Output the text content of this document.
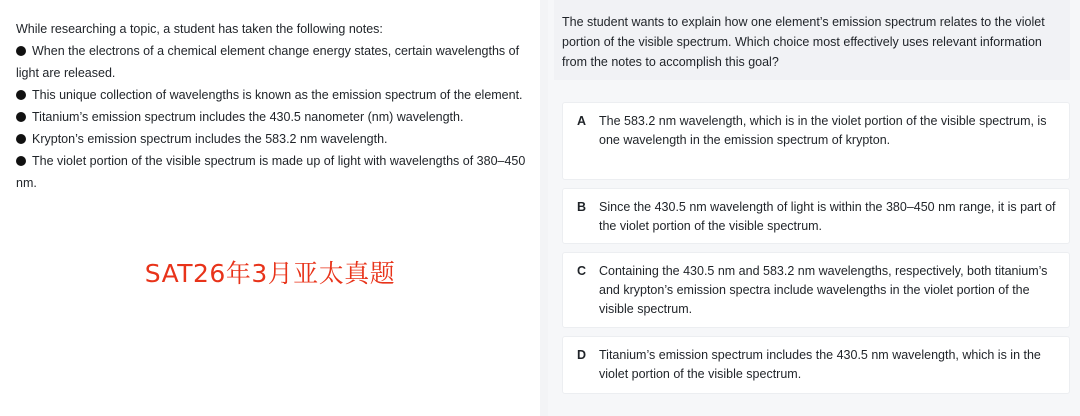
While researching a topic, a student has taken the following notes:

When the electrons of a chemical element change energy states, certain wavelengths of light are released.

This unique collection of wavelengths is known as the emission spectrum of the element.

Titanium’s emission spectrum includes the 430.5 nanometer (nm) wavelength.

Krypton’s emission spectrum includes the 583.2 nm wavelength.

The violet portion of the visible spectrum is made up of light with wavelengths of 380–450 nm.

SAT26年3月亚太真题
The student wants to explain how one element’s emission spectrum relates to the violet portion of the visible spectrum. Which choice most effectively uses relevant information from the notes to accomplish this goal?
A	The 583.2 nm wavelength, which is in the violet portion of the visible spectrum, is one wavelength in the emission spectrum of krypton.
B	Since the 430.5 nm wavelength of light is within the 380–450 nm range, it is part of the violet portion of the visible spectrum.
C	Containing the 430.5 nm and 583.2 nm wavelengths, respectively, both titanium’s and krypton’s emission spectra include wavelengths in the violet portion of the visible spectrum.
D	Titanium’s emission spectrum includes the 430.5 nm wavelength, which is in the violet portion of the visible spectrum.
